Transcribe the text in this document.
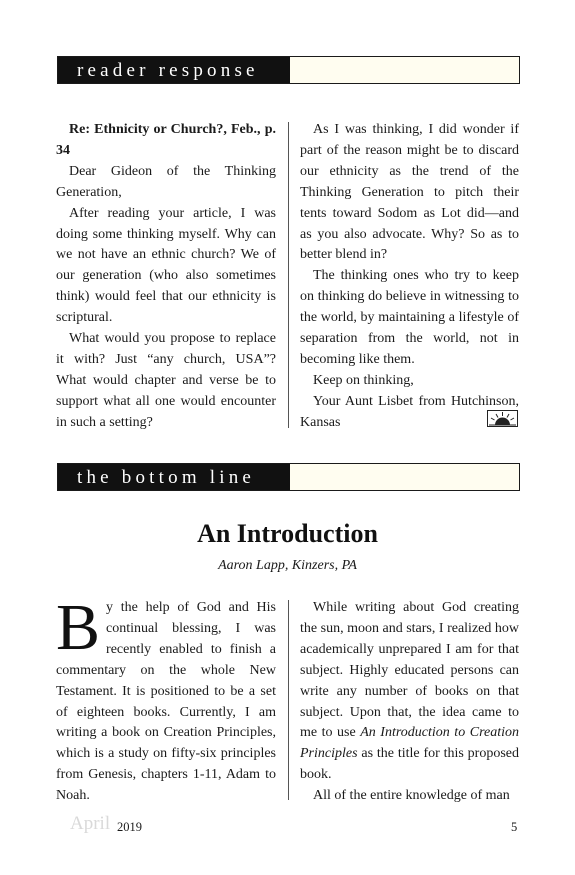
reader response

Re: Ethnicity or Church?, Feb., p. 34

Dear Gideon of the Thinking Generation,

After reading your article, I was doing some thinking myself. Why can we not have an ethnic church? We of our generation (who also sometimes think) would feel that our ethnicity is scriptural.

What would you propose to replace it with? Just “any church, USA”? What would chapter and verse be to support what all one would encounter in such a setting?

As I was thinking, I did wonder if part of the reason might be to discard our ethnicity as the trend of the Thinking Generation to pitch their tents toward Sodom as Lot did—and as you also advocate. Why? So as to better blend in?

The thinking ones who try to keep on thinking do believe in witnessing to the world, by maintaining a lifestyle of separation from the world, not in becoming like them.

Keep on thinking,

Your Aunt Lisbet from Hutchinson, Kansas

the bottom line
An Introduction
Aaron Lapp, Kinzers, PA

By the help of God and His continual blessing, I was recently enabled to finish a commentary on the whole New Testament. It is positioned to be a set of eighteen books. Currently, I am writing a book on Creation Principles, which is a study on fifty-six principles from Genesis, chapters 1-11, Adam to Noah.

While writing about God creating the sun, moon and stars, I realized how academically unprepared I am for that subject. Highly educated persons can write any number of books on that subject. Upon that, the idea came to me to use An Introduction to Creation Principles as the title for this proposed book.

All of the entire knowledge of man

April 2019	5
